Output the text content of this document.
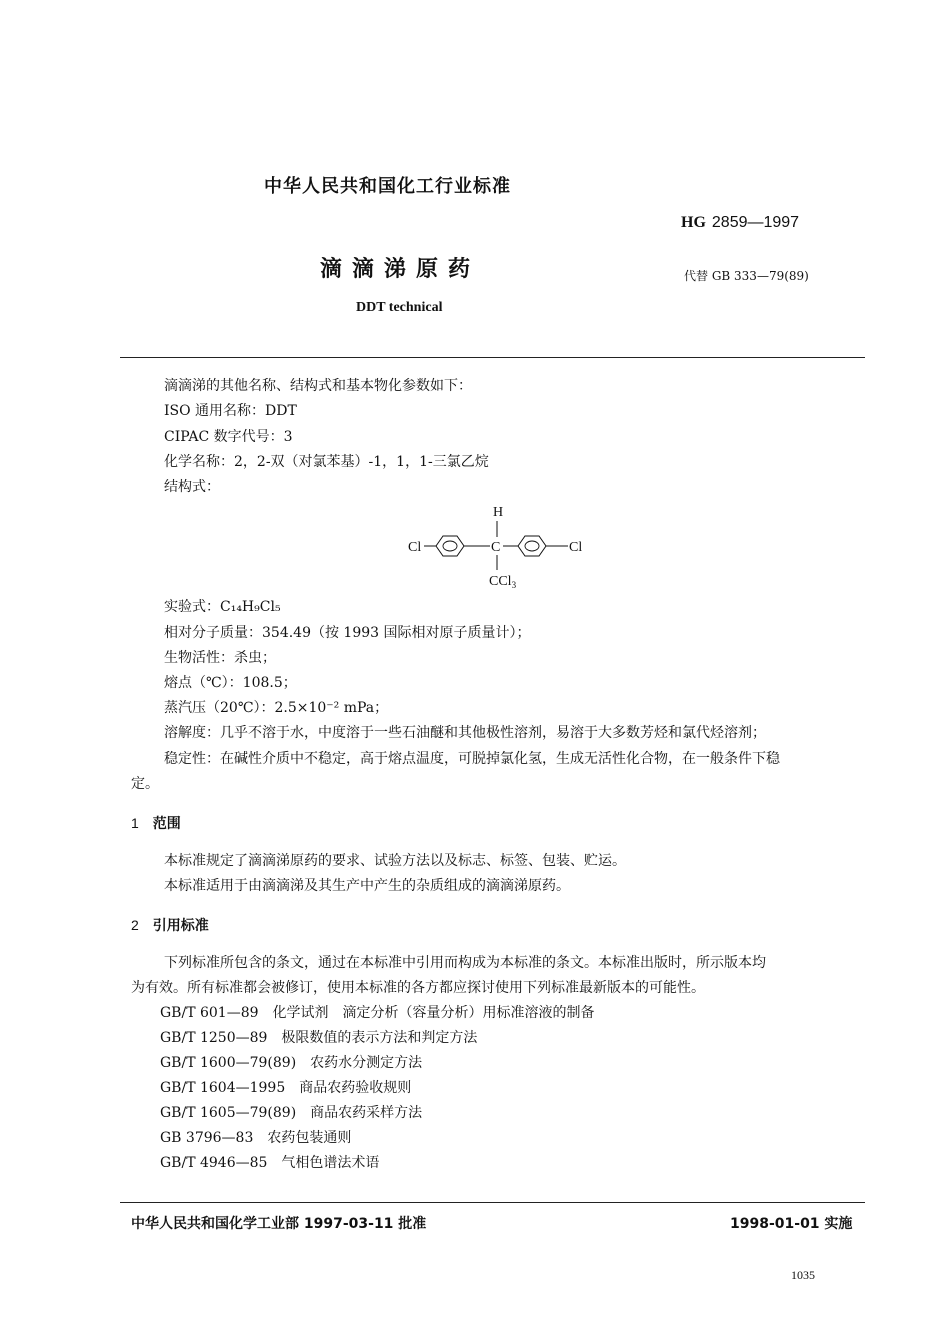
中华人民共和国化工行业标准
HG 2859—1997
滴滴涕原药	代替 GB 333—79(89)
DDT technical
滴滴涕的其他名称、结构式和基本物化参数如下：
ISO 通用名称：DDT
CIPAC 数字代号：3
化学名称：2，2-双（对氯苯基）-1，1，1-三氯乙烷
结构式：
H
Cl	C	Cl
CCl$_3$
实验式：C₁₄H₉Cl₅
相对分子质量：354.49（按 1993 国际相对原子质量计）；
生物活性：杀虫；
熔点（℃）：108.5；
蒸汽压（20℃）：2.5×10⁻² mPa；
溶解度：几乎不溶于水，中度溶于一些石油醚和其他极性溶剂，易溶于大多数芳烃和氯代烃溶剂；
稳定性：在碱性介质中不稳定，高于熔点温度，可脱掉氯化氢，生成无活性化合物，在一般条件下稳
定。
1 范围
本标准规定了滴滴涕原药的要求、试验方法以及标志、标签、包装、贮运。
本标准适用于由滴滴涕及其生产中产生的杂质组成的滴滴涕原药。
2 引用标准
下列标准所包含的条文，通过在本标准中引用而构成为本标准的条文。本标准出版时，所示版本均
为有效。所有标准都会被修订，使用本标准的各方都应探讨使用下列标准最新版本的可能性。
GB/T 601—89　化学试剂　滴定分析（容量分析）用标准溶液的制备
GB/T 1250—89　极限数值的表示方法和判定方法
GB/T 1600—79(89)　农药水分测定方法
GB/T 1604—1995　商品农药验收规则
GB/T 1605—79(89)　商品农药采样方法
GB 3796—83　农药包装通则
GB/T 4946—85　气相色谱法术语
中华人民共和国化学工业部 1997-03-11 批准	1998-01-01 实施
1035
